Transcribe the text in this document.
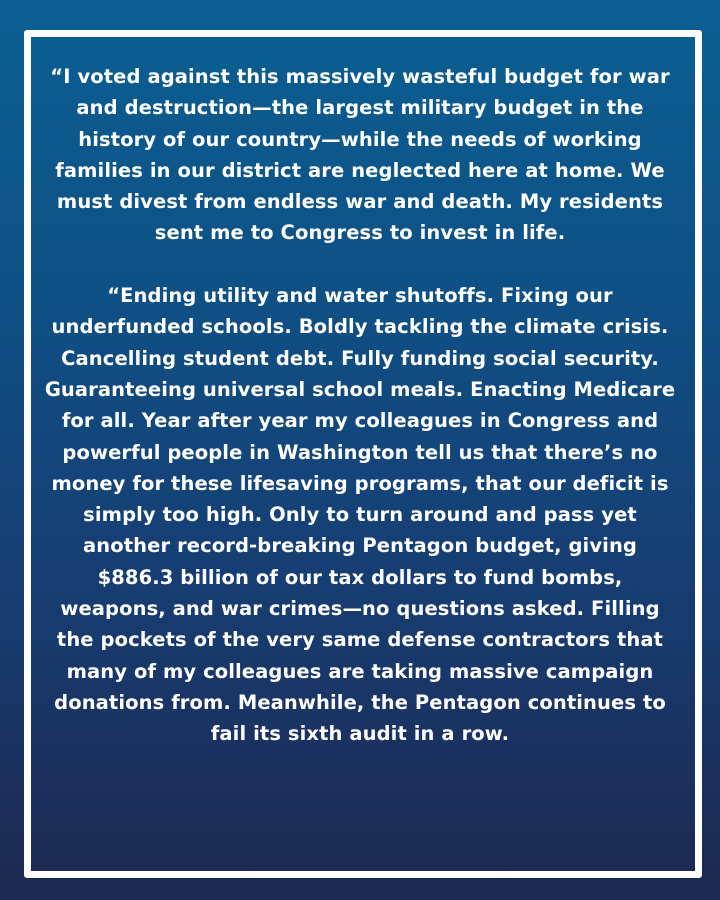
“I voted against this massively wasteful budget for war and destruction—the largest military budget in the history of our country—while the needs of working families in our district are neglected here at home. We must divest from endless war and death. My residents sent me to Congress to invest in life.

“Ending utility and water shutoffs. Fixing our underfunded schools. Boldly tackling the climate crisis. Cancelling student debt. Fully funding social security. Guaranteeing universal school meals. Enacting Medicare for all. Year after year my colleagues in Congress and powerful people in Washington tell us that there’s no money for these lifesaving programs, that our deficit is simply too high. Only to turn around and pass yet another record-breaking Pentagon budget, giving $886.3 billion of our tax dollars to fund bombs, weapons, and war crimes—no questions asked. Filling the pockets of the very same defense contractors that many of my colleagues are taking massive campaign donations from. Meanwhile, the Pentagon continues to fail its sixth audit in a row.
